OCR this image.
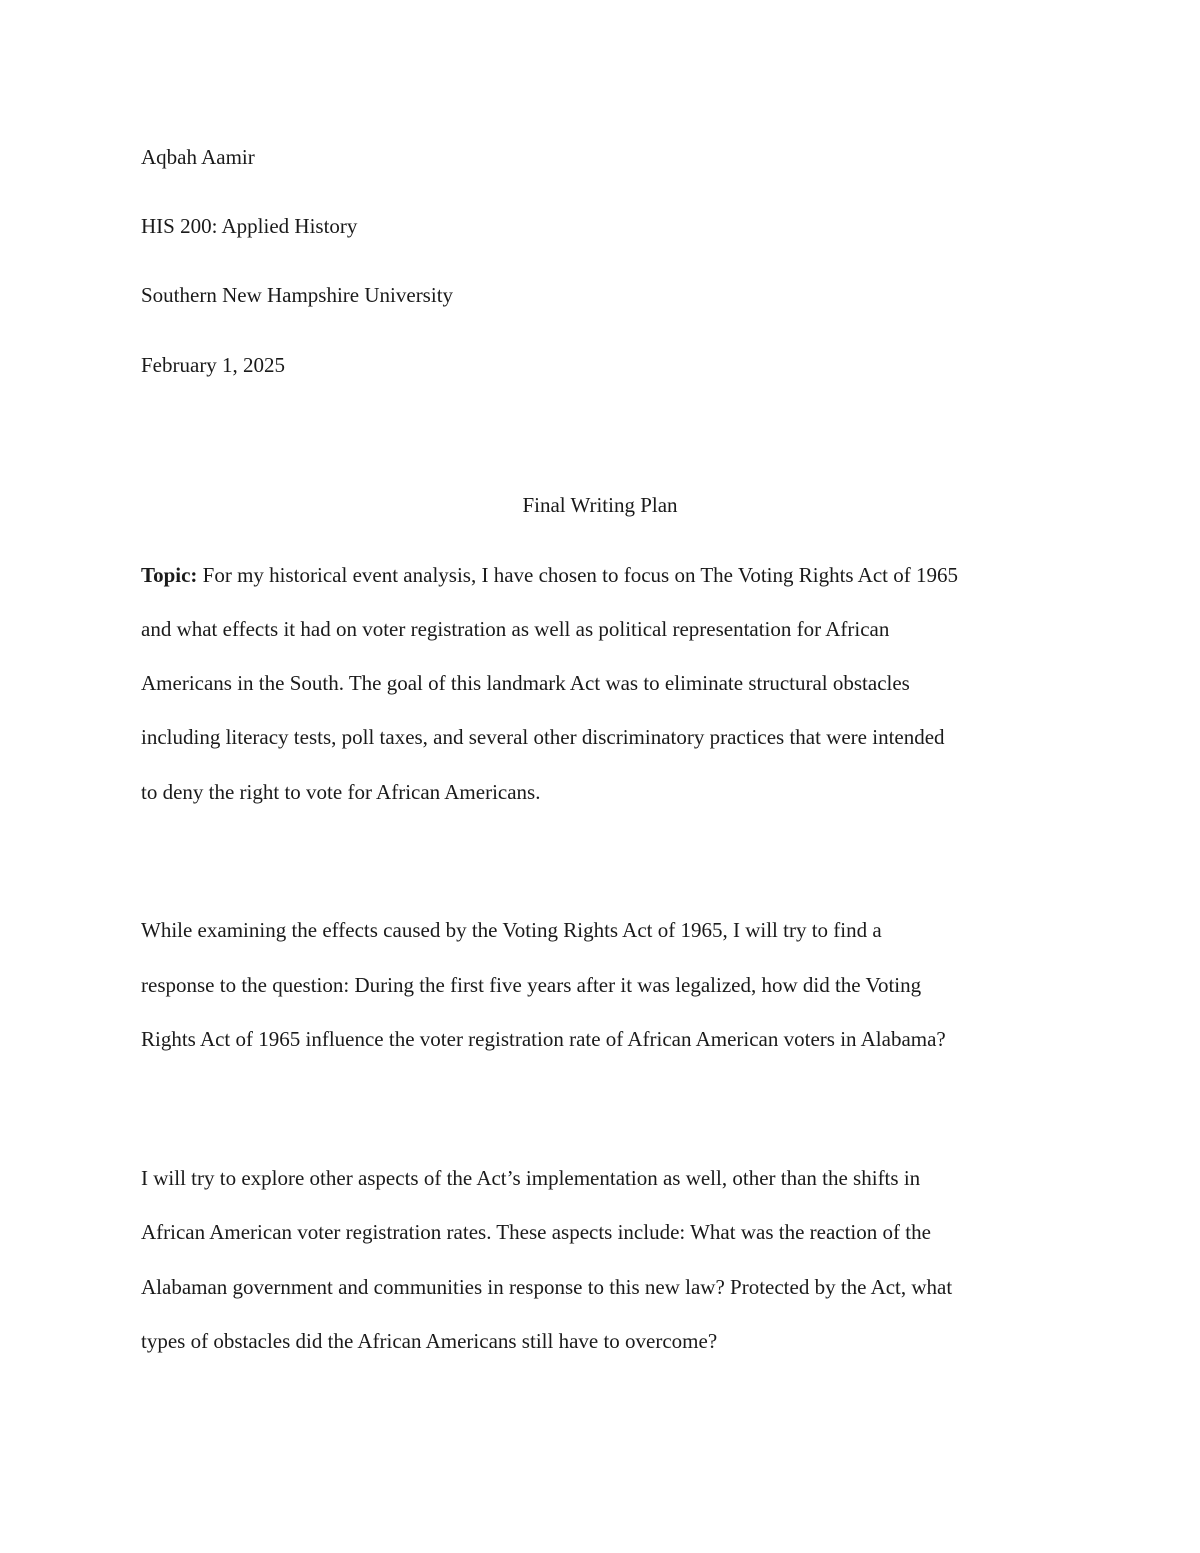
Aqbah Aamir
HIS 200: Applied History
Southern New Hampshire University
February 1, 2025
Final Writing Plan
Topic: For my historical event analysis, I have chosen to focus on The Voting Rights Act of 1965
and what effects it had on voter registration as well as political representation for African
Americans in the South. The goal of this landmark Act was to eliminate structural obstacles
including literacy tests, poll taxes, and several other discriminatory practices that were intended
to deny the right to vote for African Americans.
While examining the effects caused by the Voting Rights Act of 1965, I will try to find a
response to the question: During the first five years after it was legalized, how did the Voting
Rights Act of 1965 influence the voter registration rate of African American voters in Alabama?
I will try to explore other aspects of the Act’s implementation as well, other than the shifts in
African American voter registration rates. These aspects include: What was the reaction of the
Alabaman government and communities in response to this new law? Protected by the Act, what
types of obstacles did the African Americans still have to overcome?
